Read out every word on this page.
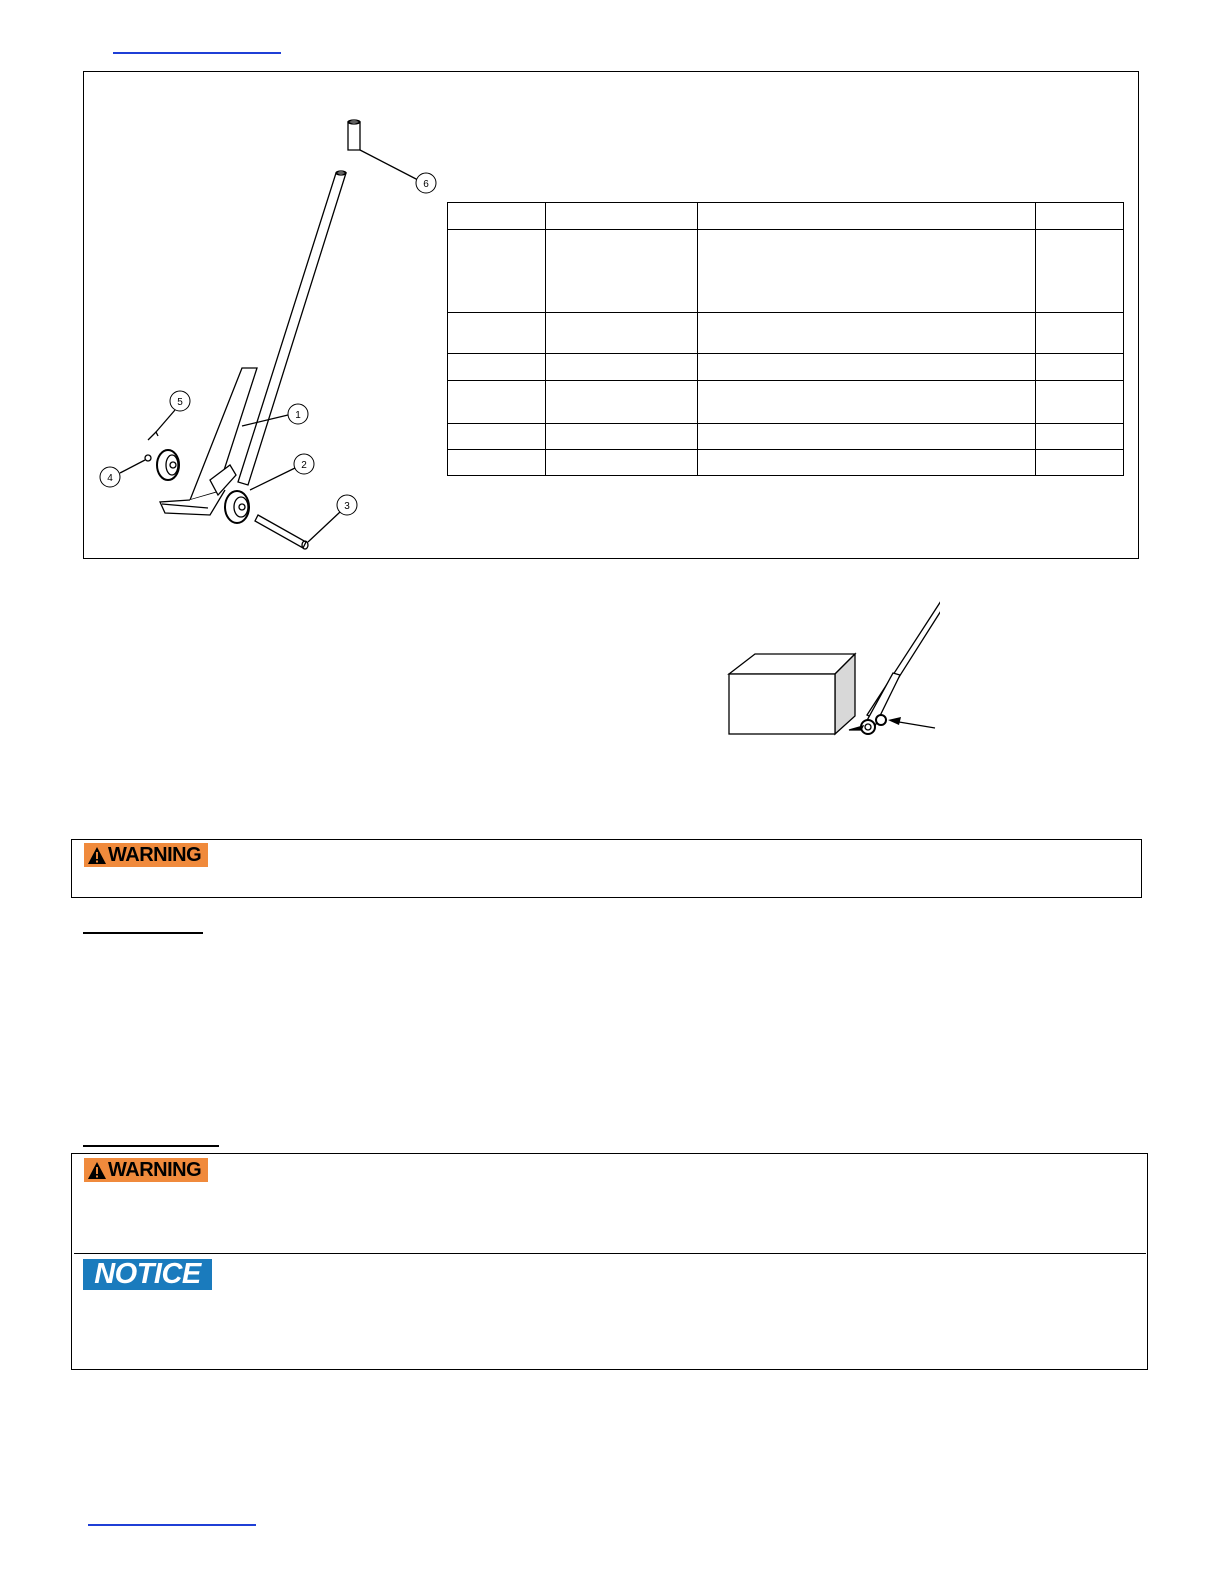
6
1
2
3
4
5

WARNING
WARNING
NOTICE
